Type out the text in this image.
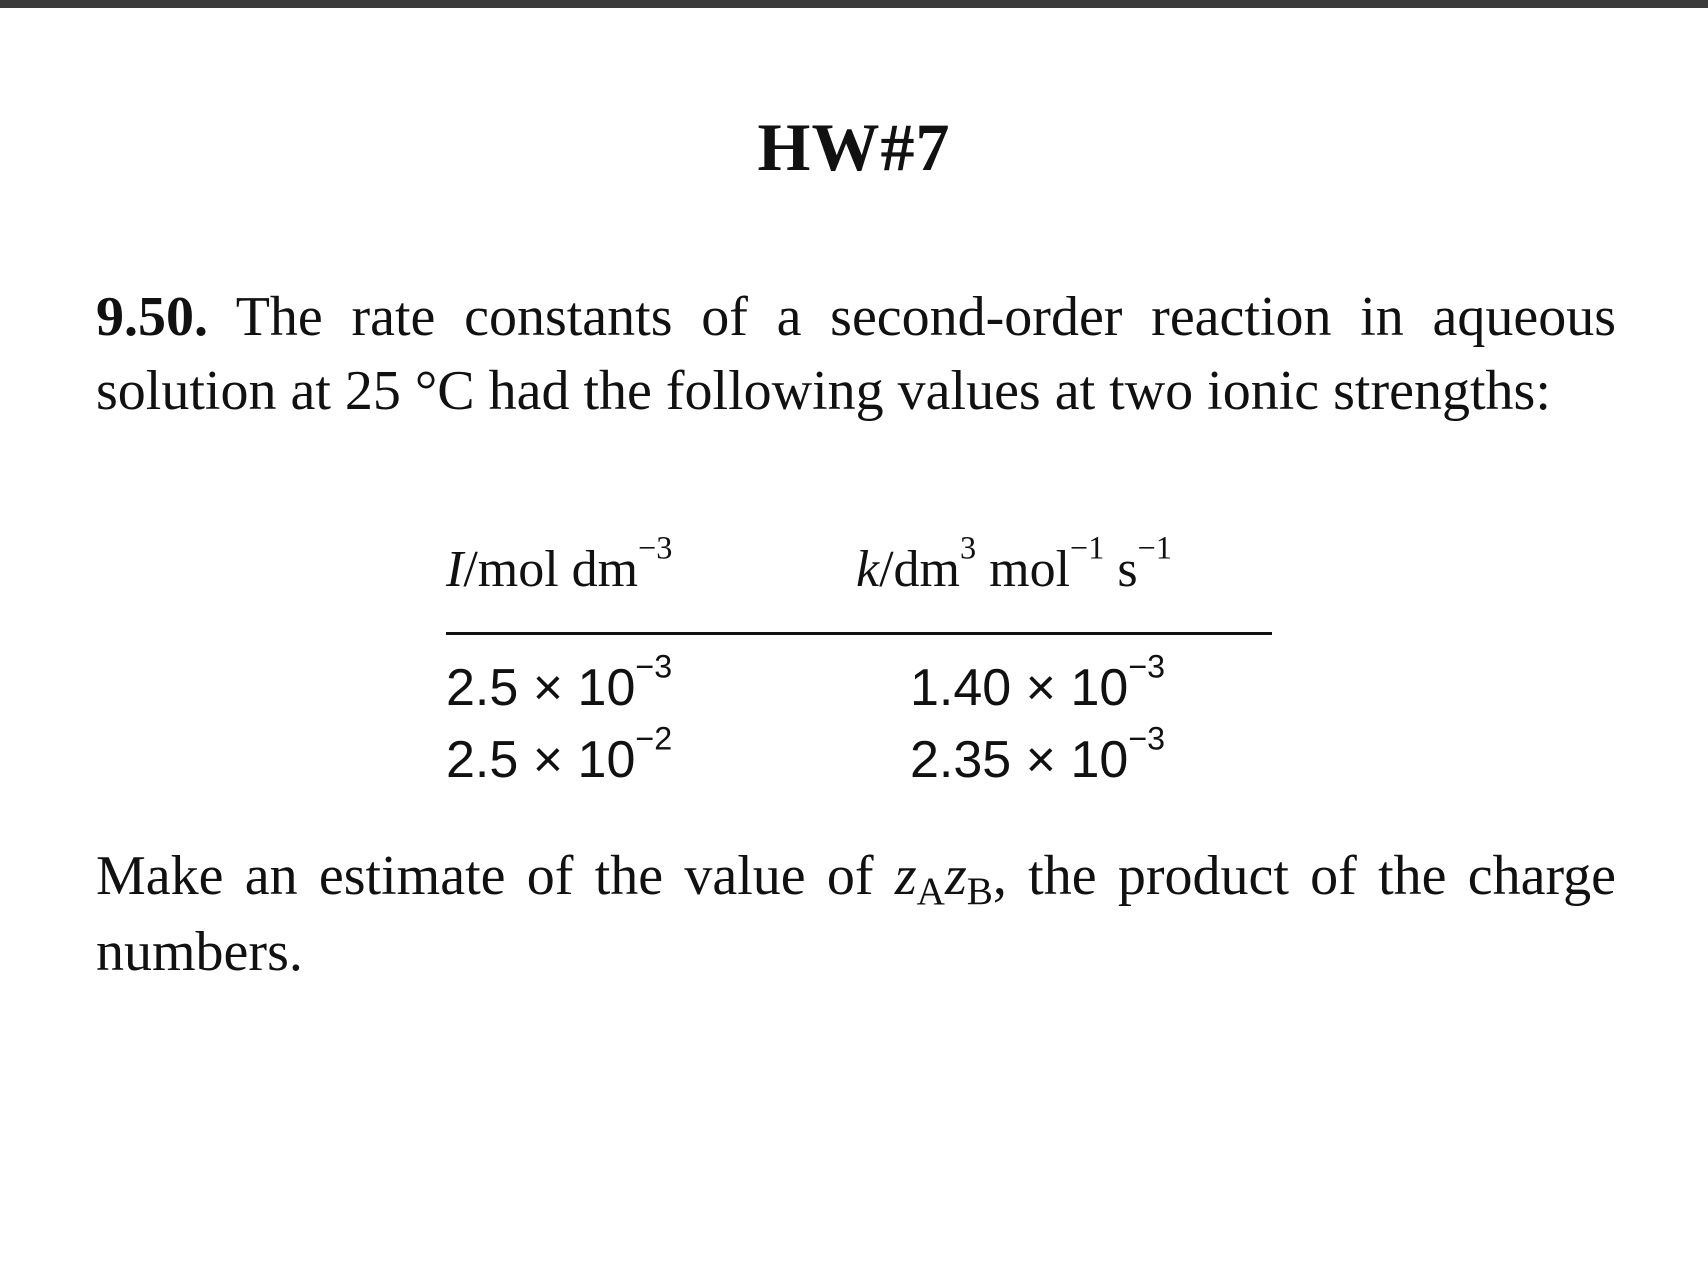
HW#7
9.50. The rate constants of a second-order reaction in aqueous solution at 25 °C had the following values at two ionic strengths:
I/mol $dm^{-3}$	$k/dm^3$ mol$^{-1}$ $s^{-1}$
$2.5 \times 10^{-3}$	$1.40 \times 10^{-3}$
$2.5 \times 10^{-2}$	$2.35 \times 10^{-3}$
Make an estimate of the value of $z_Az_B$, the product of the charge numbers.
